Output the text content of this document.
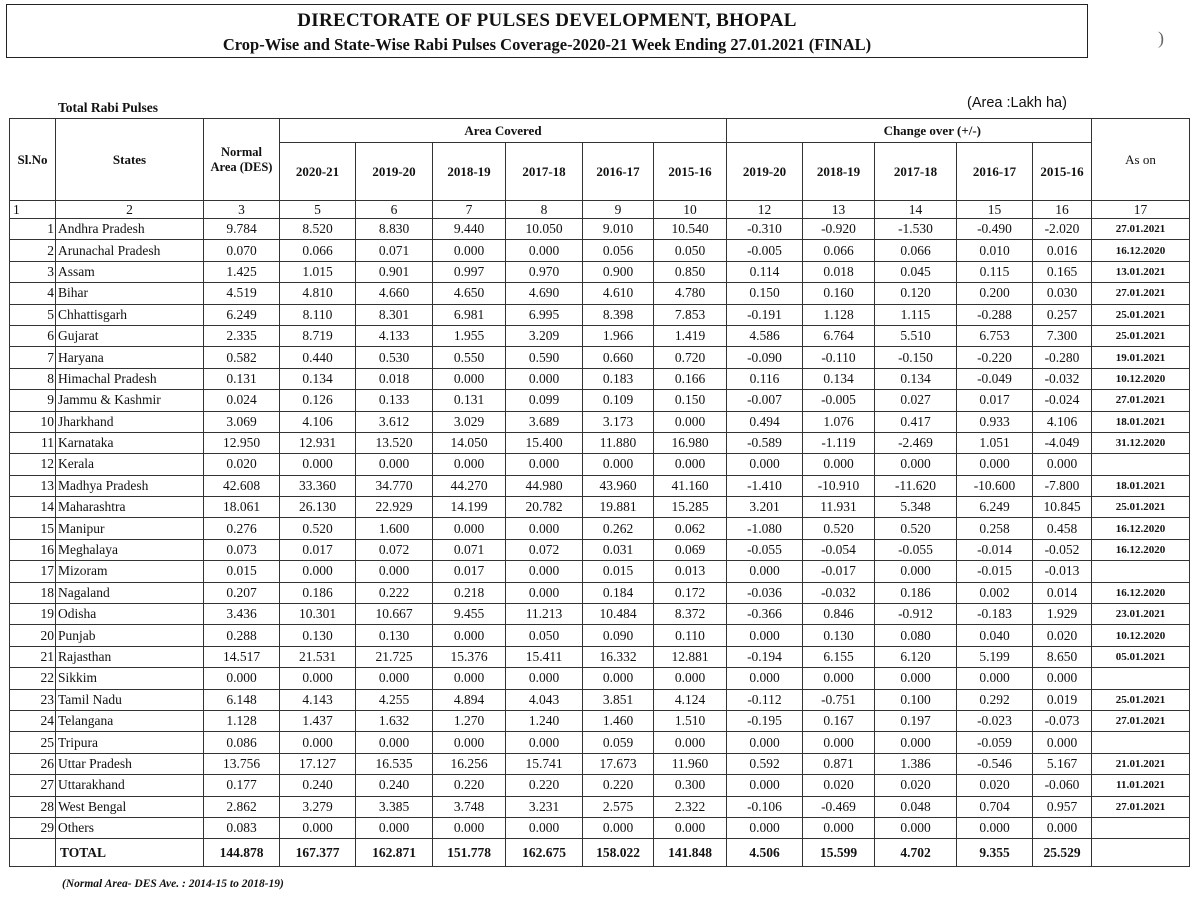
DIRECTORATE OF PULSES DEVELOPMENT, BHOPAL
Crop-Wise and State-Wise Rabi Pulses Coverage-2020-21 Week Ending 27.01.2021 (FINAL)	)
Total Rabi Pulses	(Area :Lakh ha)
Sl.No	States	Normal Area (DES)	Area Covered						Change over (+/-)					As on
			2020-21	2019-20	2018-19	2017-18	2016-17	2015-16	2019-20	2018-19	2017-18	2016-17	2015-16	
1	2	3	5	6	7	8	9	10	12	13	14	15	16	17
1	Andhra Pradesh	9.784	8.520	8.830	9.440	10.050	9.010	10.540	-0.310	-0.920	-1.530	-0.490	-2.020	27.01.2021
2	Arunachal Pradesh	0.070	0.066	0.071	0.000	0.000	0.056	0.050	-0.005	0.066	0.066	0.010	0.016	16.12.2020
3	Assam	1.425	1.015	0.901	0.997	0.970	0.900	0.850	0.114	0.018	0.045	0.115	0.165	13.01.2021
4	Bihar	4.519	4.810	4.660	4.650	4.690	4.610	4.780	0.150	0.160	0.120	0.200	0.030	27.01.2021
5	Chhattisgarh	6.249	8.110	8.301	6.981	6.995	8.398	7.853	-0.191	1.128	1.115	-0.288	0.257	25.01.2021
6	Gujarat	2.335	8.719	4.133	1.955	3.209	1.966	1.419	4.586	6.764	5.510	6.753	7.300	25.01.2021
7	Haryana	0.582	0.440	0.530	0.550	0.590	0.660	0.720	-0.090	-0.110	-0.150	-0.220	-0.280	19.01.2021
8	Himachal Pradesh	0.131	0.134	0.018	0.000	0.000	0.183	0.166	0.116	0.134	0.134	-0.049	-0.032	10.12.2020
9	Jammu & Kashmir	0.024	0.126	0.133	0.131	0.099	0.109	0.150	-0.007	-0.005	0.027	0.017	-0.024	27.01.2021
10	Jharkhand	3.069	4.106	3.612	3.029	3.689	3.173	0.000	0.494	1.076	0.417	0.933	4.106	18.01.2021
11	Karnataka	12.950	12.931	13.520	14.050	15.400	11.880	16.980	-0.589	-1.119	-2.469	1.051	-4.049	31.12.2020
12	Kerala	0.020	0.000	0.000	0.000	0.000	0.000	0.000	0.000	0.000	0.000	0.000	0.000	
13	Madhya Pradesh	42.608	33.360	34.770	44.270	44.980	43.960	41.160	-1.410	-10.910	-11.620	-10.600	-7.800	18.01.2021
14	Maharashtra	18.061	26.130	22.929	14.199	20.782	19.881	15.285	3.201	11.931	5.348	6.249	10.845	25.01.2021
15	Manipur	0.276	0.520	1.600	0.000	0.000	0.262	0.062	-1.080	0.520	0.520	0.258	0.458	16.12.2020
16	Meghalaya	0.073	0.017	0.072	0.071	0.072	0.031	0.069	-0.055	-0.054	-0.055	-0.014	-0.052	16.12.2020
17	Mizoram	0.015	0.000	0.000	0.017	0.000	0.015	0.013	0.000	-0.017	0.000	-0.015	-0.013	
18	Nagaland	0.207	0.186	0.222	0.218	0.000	0.184	0.172	-0.036	-0.032	0.186	0.002	0.014	16.12.2020
19	Odisha	3.436	10.301	10.667	9.455	11.213	10.484	8.372	-0.366	0.846	-0.912	-0.183	1.929	23.01.2021
20	Punjab	0.288	0.130	0.130	0.000	0.050	0.090	0.110	0.000	0.130	0.080	0.040	0.020	10.12.2020
21	Rajasthan	14.517	21.531	21.725	15.376	15.411	16.332	12.881	-0.194	6.155	6.120	5.199	8.650	05.01.2021
22	Sikkim	0.000	0.000	0.000	0.000	0.000	0.000	0.000	0.000	0.000	0.000	0.000	0.000	
23	Tamil Nadu	6.148	4.143	4.255	4.894	4.043	3.851	4.124	-0.112	-0.751	0.100	0.292	0.019	25.01.2021
24	Telangana	1.128	1.437	1.632	1.270	1.240	1.460	1.510	-0.195	0.167	0.197	-0.023	-0.073	27.01.2021
25	Tripura	0.086	0.000	0.000	0.000	0.000	0.059	0.000	0.000	0.000	0.000	-0.059	0.000	
26	Uttar Pradesh	13.756	17.127	16.535	16.256	15.741	17.673	11.960	0.592	0.871	1.386	-0.546	5.167	21.01.2021
27	Uttarakhand	0.177	0.240	0.240	0.220	0.220	0.220	0.300	0.000	0.020	0.020	0.020	-0.060	11.01.2021
28	West Bengal	2.862	3.279	3.385	3.748	3.231	2.575	2.322	-0.106	-0.469	0.048	0.704	0.957	27.01.2021
29	Others	0.083	0.000	0.000	0.000	0.000	0.000	0.000	0.000	0.000	0.000	0.000	0.000	
	TOTAL	144.878	167.377	162.871	151.778	162.675	158.022	141.848	4.506	15.599	4.702	9.355	25.529	
(Normal Area- DES Ave. : 2014-15 to 2018-19)
